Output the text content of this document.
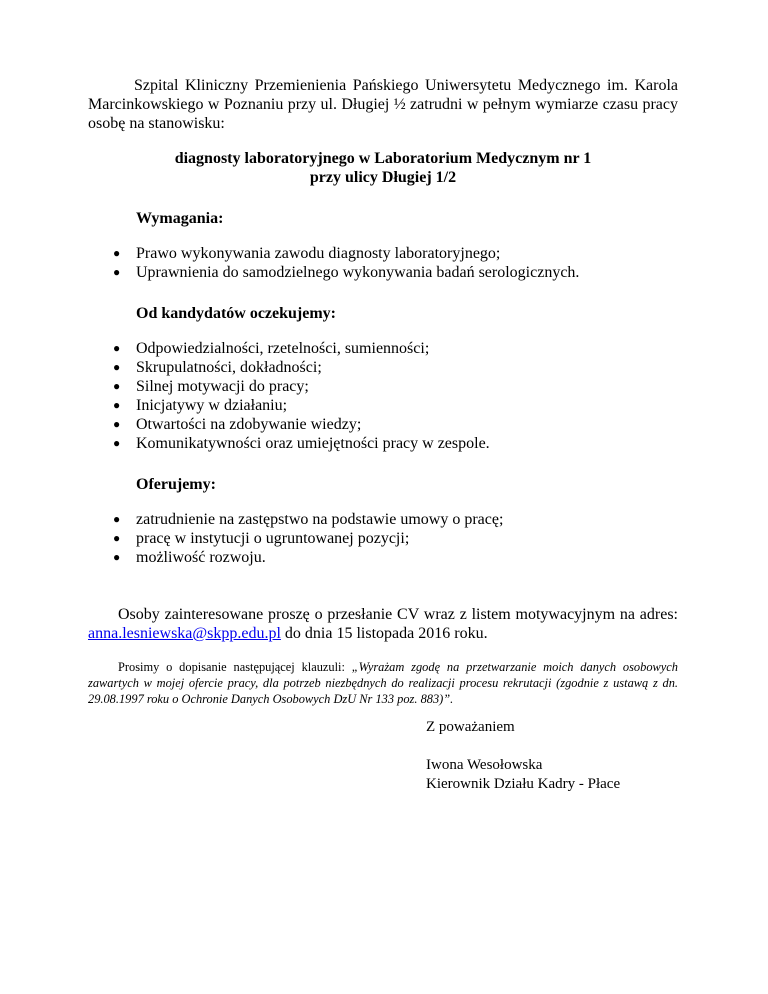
Szpital Kliniczny Przemienienia Pańskiego Uniwersytetu Medycznego im. Karola Marcinkowskiego w Poznaniu przy ul. Długiej ½ zatrudni w pełnym wymiarze czasu pracy osobę na stanowisku:

diagnosty laboratoryjnego w Laboratorium Medycznym nr 1
przy ulicy Długiej 1/2
Wymagania:
● Prawo wykonywania zawodu diagnosty laboratoryjnego;
● Uprawnienia do samodzielnego wykonywania badań serologicznych.
Od kandydatów oczekujemy:
● Odpowiedzialności, rzetelności, sumienności;
● Skrupulatności, dokładności;
● Silnej motywacji do pracy;
● Inicjatywy w działaniu;
● Otwartości na zdobywanie wiedzy;
● Komunikatywności oraz umiejętności pracy w zespole.
Oferujemy:
● zatrudnienie na zastępstwo na podstawie umowy o pracę;
● pracę w instytucji o ugruntowanej pozycji;
● możliwość rozwoju.

Osoby zainteresowane proszę o przesłanie CV wraz z listem motywacyjnym na adres: anna.lesniewska@skpp.edu.pl do dnia 15 listopada 2016 roku.

Prosimy o dopisanie następującej klauzuli: „Wyrażam zgodę na przetwarzanie moich danych osobowych zawartych w mojej ofercie pracy, dla potrzeb niezbędnych do realizacji procesu rekrutacji (zgodnie z ustawą z dn. 29.08.1997 roku o Ochronie Danych Osobowych DzU Nr 133 poz. 883)”.

Z poważaniem
Iwona Wesołowska
Kierownik Działu Kadry - Płace
